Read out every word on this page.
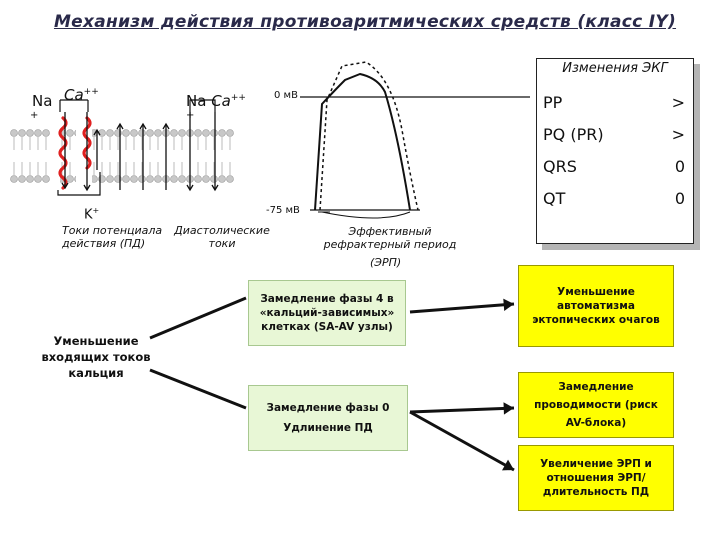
Механизм действия противоаритмических средств (класс IY)
Na
+
Ca++	Na Ca++
+
K+
Токи потенциала действия (ПД)
Диастолические токи
0 мВ
-75 мВ
Эффективный рефрактерный период
(ЭРП)
Изменения ЭКГ
PP	>
PQ (PR)	>
QRS	0
QT	0
Уменьшение входящих токов кальция
Замедление фазы 4 в «кальций-зависимых» клетках (SA-AV узлы)
Замедление фазы 0 Удлинение ПД
Уменьшение автоматизма эктопических очагов
Замедление проводимости (риск AV-блока)
Увеличение ЭРП и отношения ЭРП/длительность ПД
